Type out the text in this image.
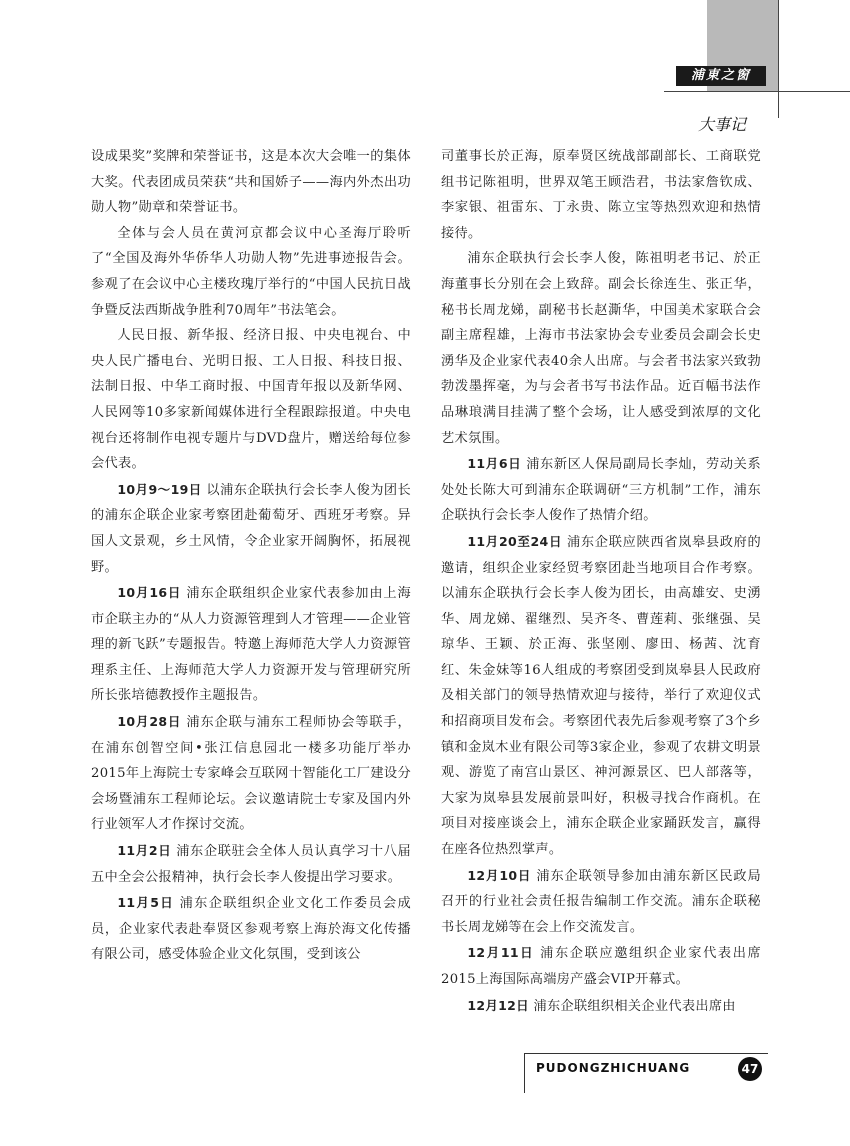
浦東之窗
大事记

设成果奖”奖牌和荣誉证书，这是本次大会唯一的集体大奖。代表团成员荣获“共和国娇子——海内外杰出功勋人物”勋章和荣誉证书。

全体与会人员在黄河京都会议中心圣海厅聆听了“全国及海外华侨华人功勋人物”先进事迹报告会。参观了在会议中心主楼玫瑰厅举行的“中国人民抗日战争暨反法西斯战争胜利70周年”书法笔会。

人民日报、新华报、经济日报、中央电视台、中央人民广播电台、光明日报、工人日报、科技日报、法制日报、中华工商时报、中国青年报以及新华网、人民网等10多家新闻媒体进行全程跟踪报道。中央电视台还将制作电视专题片与DVD盘片，赠送给每位参会代表。

10月9～19日 以浦东企联执行会长李人俊为团长的浦东企联企业家考察团赴葡萄牙、西班牙考察。异国人文景观，乡土风情，令企业家开阔胸怀，拓展视野。

10月16日 浦东企联组织企业家代表参加由上海市企联主办的“从人力资源管理到人才管理——企业管理的新飞跃”专题报告。特邀上海师范大学人力资源管理系主任、上海师范大学人力资源开发与管理研究所所长张培德教授作主题报告。

10月28日 浦东企联与浦东工程师协会等联手，在浦东创智空间•张江信息园北一楼多功能厅举办2015年上海院士专家峰会互联网十智能化工厂建设分会场暨浦东工程师论坛。会议邀请院士专家及国内外行业领军人才作探讨交流。

11月2日 浦东企联驻会全体人员认真学习十八届五中全会公报精神，执行会长李人俊提出学习要求。

11月5日 浦东企联组织企业文化工作委员会成员，企业家代表赴奉贤区参观考察上海於海文化传播有限公司，感受体验企业文化氛围，受到该公

司董事长於正海，原奉贤区统战部副部长、工商联党组书记陈祖明，世界双笔王顾浩君，书法家詹钦成、李家银、祖雷东、丁永贵、陈立宝等热烈欢迎和热情接待。

浦东企联执行会长李人俊，陈祖明老书记、於正海董事长分别在会上致辞。副会长徐连生、张正华，秘书长周龙娣，副秘书长赵澌华，中国美术家联合会副主席程雄，上海市书法家协会专业委员会副会长史湧华及企业家代表40余人出席。与会者书法家兴致勃勃泼墨挥毫，为与会者书写书法作品。近百幅书法作品琳琅满目挂满了整个会场，让人感受到浓厚的文化艺术氛围。

11月6日 浦东新区人保局副局长李灿，劳动关系处处长陈大可到浦东企联调研“三方机制”工作，浦东企联执行会长李人俊作了热情介绍。

11月20至24日 浦东企联应陕西省岚皋县政府的邀请，组织企业家经贸考察团赴当地项目合作考察。以浦东企联执行会长李人俊为团长，由高雄安、史湧华、周龙娣、翟继烈、吴齐冬、曹莲莉、张继强、吴琼华、王颖、於正海、张坚刚、廖田、杨茜、沈育红、朱金妹等16人组成的考察团受到岚皋县人民政府及相关部门的领导热情欢迎与接待，举行了欢迎仪式和招商项目发布会。考察团代表先后参观考察了3个乡镇和金岚木业有限公司等3家企业，参观了农耕文明景观、游览了南宫山景区、神河源景区、巴人部落等，大家为岚皋县发展前景叫好，积极寻找合作商机。在项目对接座谈会上，浦东企联企业家踊跃发言，赢得在座各位热烈掌声。

12月10日 浦东企联领导参加由浦东新区民政局召开的行业社会责任报告编制工作交流。浦东企联秘书长周龙娣等在会上作交流发言。

12月11日 浦东企联应邀组织企业家代表出席2015上海国际高端房产盛会VIP开幕式。

12月12日 浦东企联组织相关企业代表出席由

PUDONGZHICHUANG	47
